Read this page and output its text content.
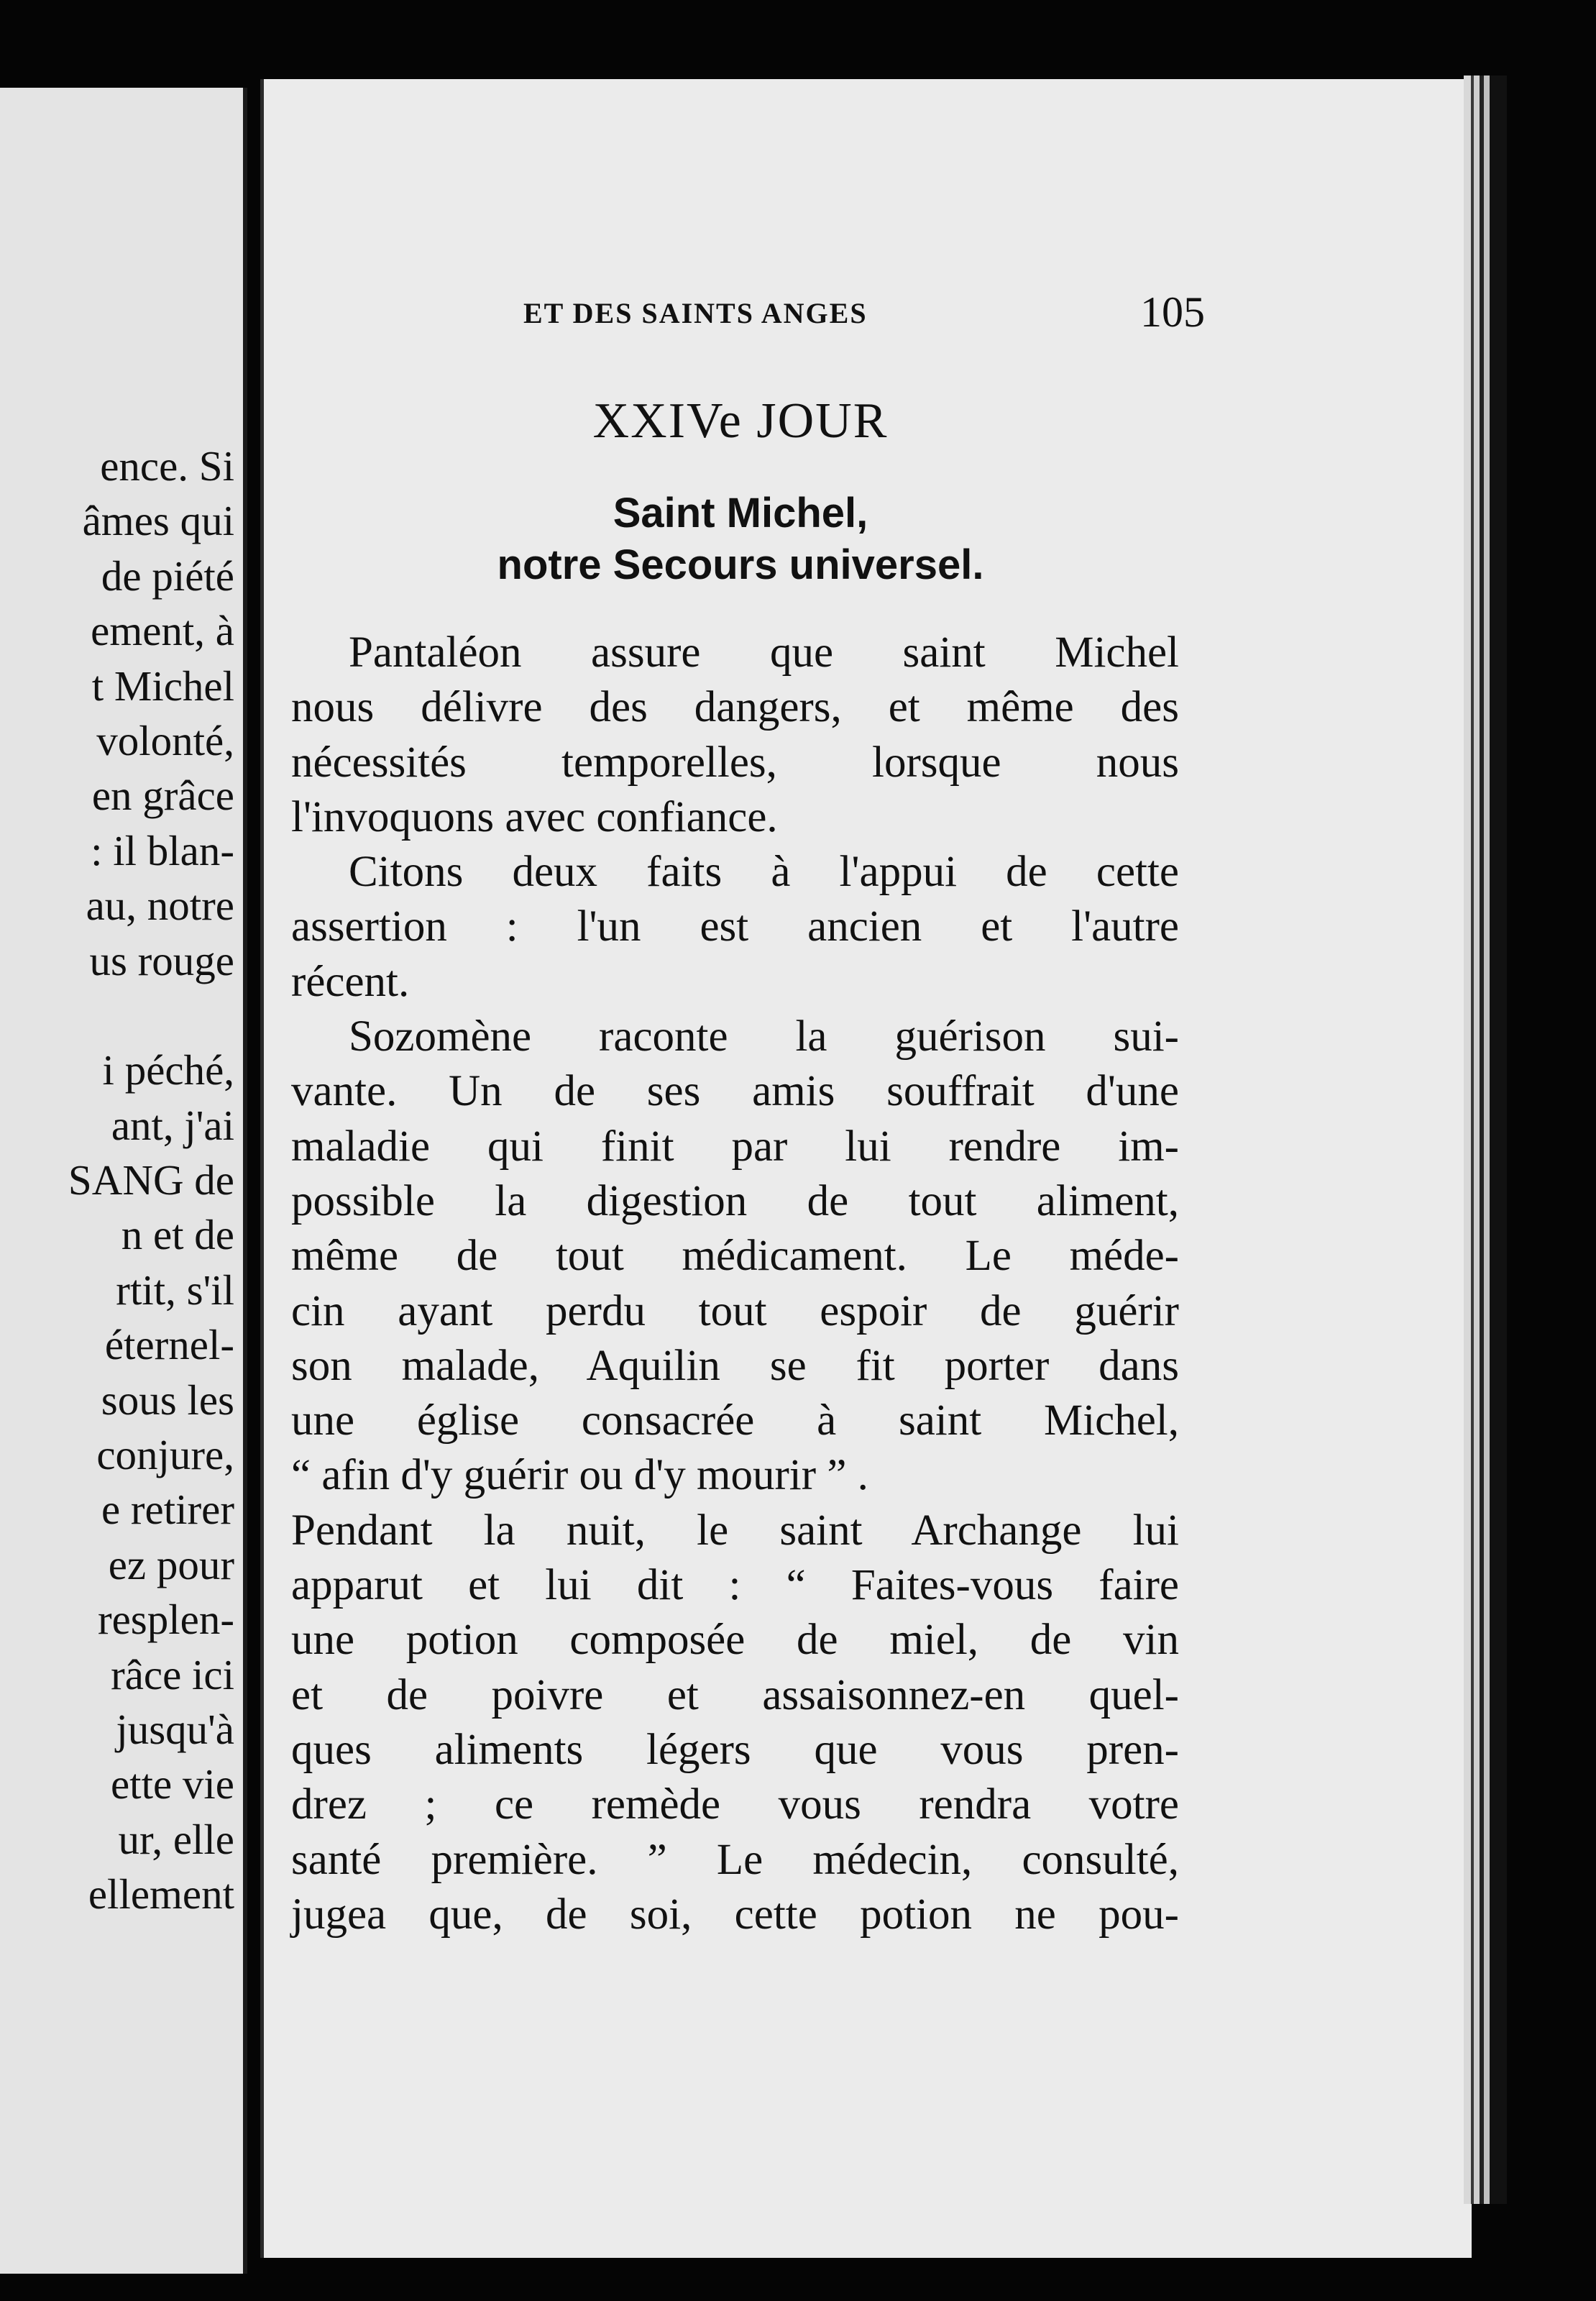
ence. Si
âmes qui
de piété
ement, à
t Michel
volonté,
en grâce
: il blan-
au, notre
us rouge
i péché,
ant, j'ai
SANG de
n et de
rtit, s'il
éternel-
sous les
conjure,
e retirer
ez pour
resplen-
râce ici
jusqu'à
ette vie
ur, elle
ellement
ET DES SAINTS ANGES	105
XXIVe JOUR
Saint Michel,
notre Secours universel.
Pantaléon assure que saint Michel
nous délivre des dangers, et même des
nécessités temporelles, lorsque nous
l'invoquons avec confiance.
Citons deux faits à l'appui de cette
assertion : l'un est ancien et l'autre
récent.
Sozomène raconte la guérison sui-
vante. Un de ses amis souffrait d'une
maladie qui finit par lui rendre im-
possible la digestion de tout aliment,
même de tout médicament. Le méde-
cin ayant perdu tout espoir de guérir
son malade, Aquilin se fit porter dans
une église consacrée à saint Michel,
“ afin d'y guérir ou d'y mourir ” .
Pendant la nuit, le saint Archange lui
apparut et lui dit : “ Faites-vous faire
une potion composée de miel, de vin
et de poivre et assaisonnez-en quel-
ques aliments légers que vous pren-
drez ; ce remède vous rendra votre
santé première. ” Le médecin, consulté,
jugea que, de soi, cette potion ne pou-
